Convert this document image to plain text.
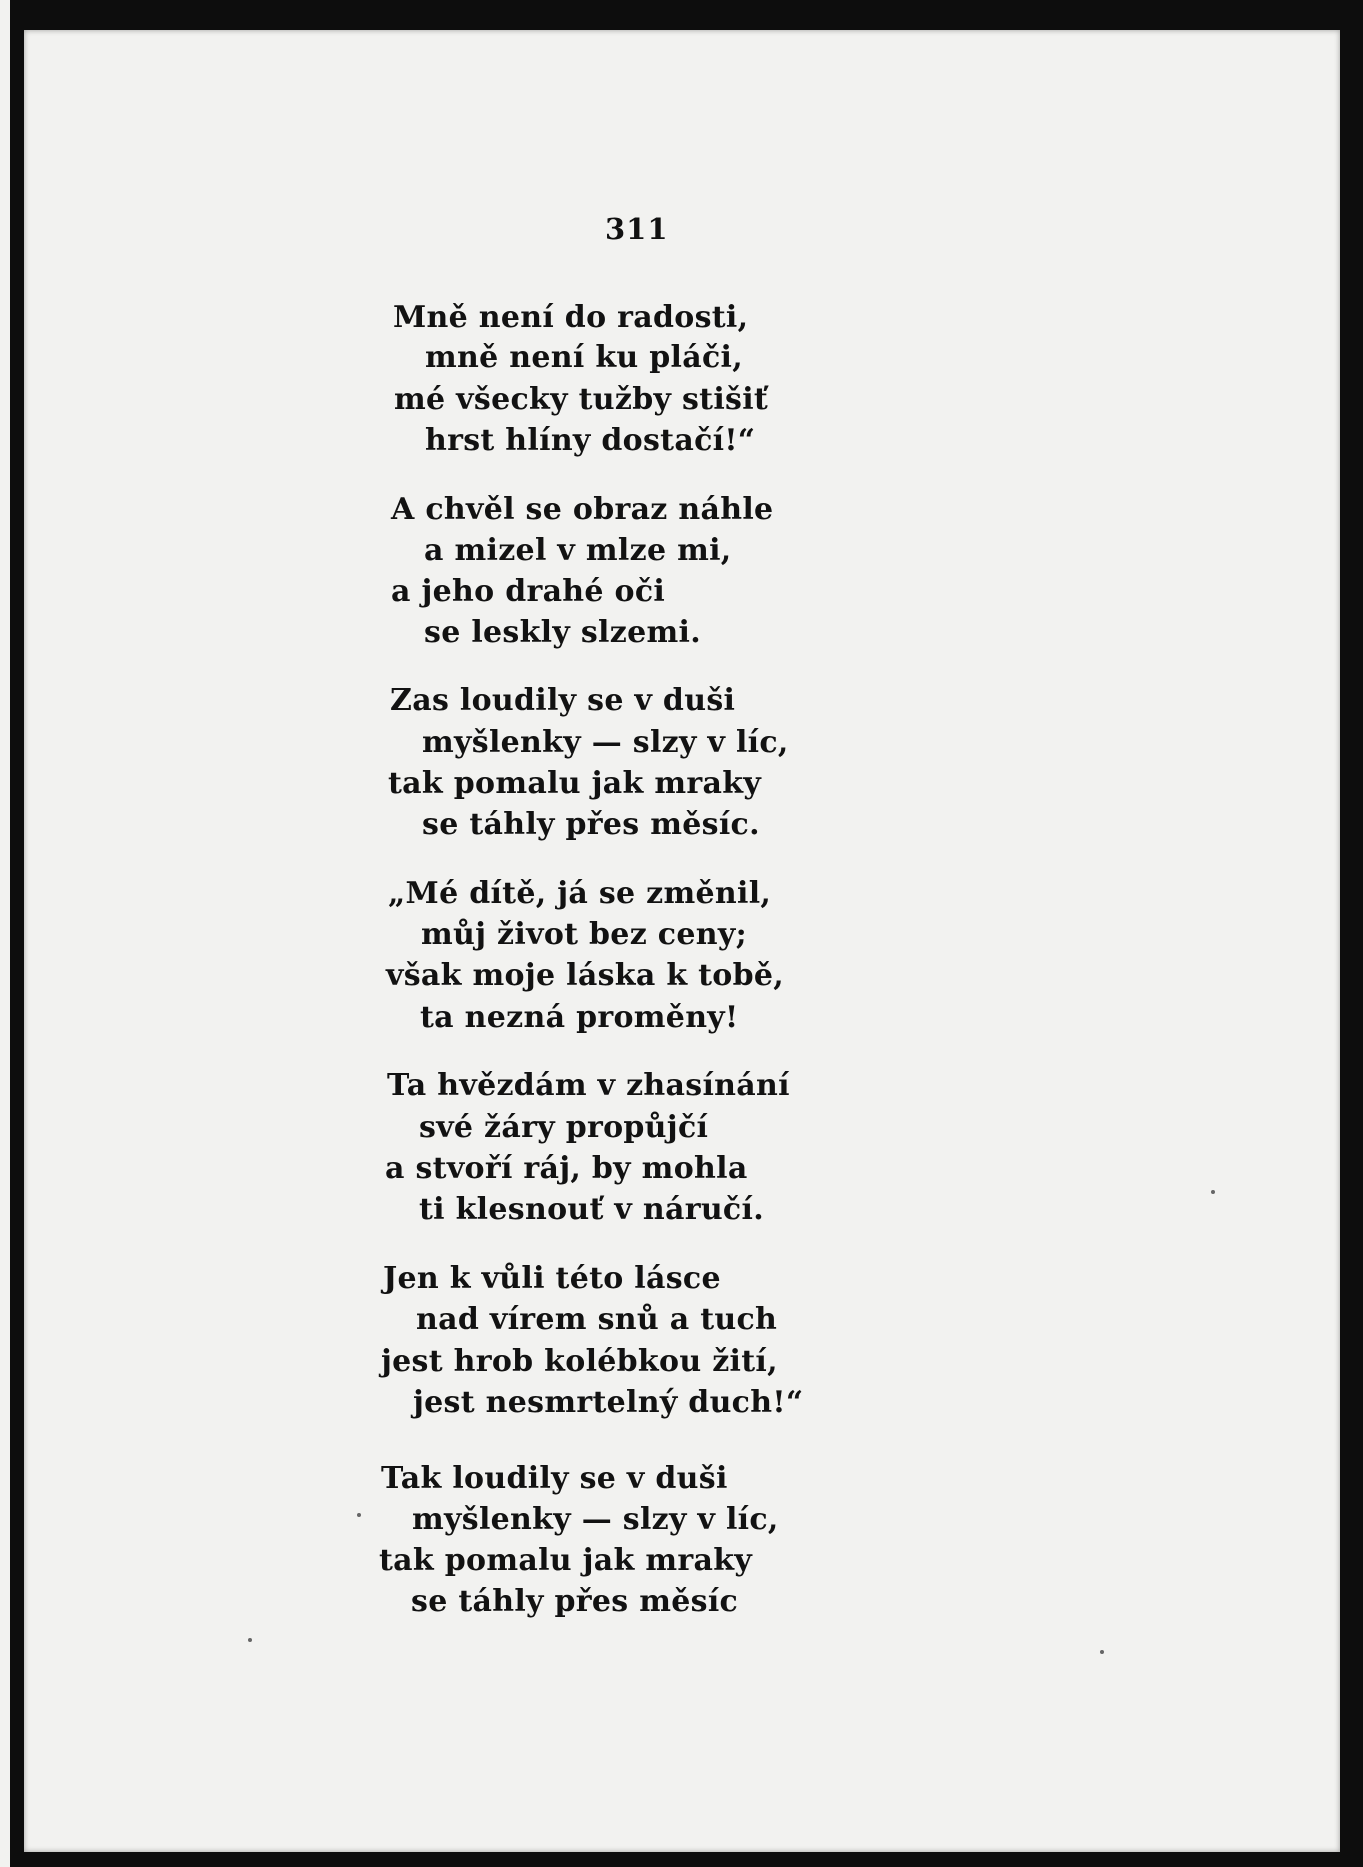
311
Mně není do radosti,
mně není ku pláči,
mé všecky tužby stišiť
hrst hlíny dostačí!“
A chvěl se obraz náhle
a mizel v mlze mi,
a jeho drahé oči
se leskly slzemi.
Zas loudily se v duši
myšlenky — slzy v líc,
tak pomalu jak mraky
se táhly přes měsíc.
„Mé dítě, já se změnil,
můj život bez ceny;
však moje láska k tobě,
ta nezná proměny!
Ta hvězdám v zhasínání
své žáry propůjčí
a stvoří ráj, by mohla
ti klesnouť v náručí.
Jen k vůli této lásce
nad vírem snů a tuch
jest hrob kolébkou žití,
jest nesmrtelný duch!“
Tak loudily se v duši
myšlenky — slzy v líc,
tak pomalu jak mraky
se táhly přes měsíc
